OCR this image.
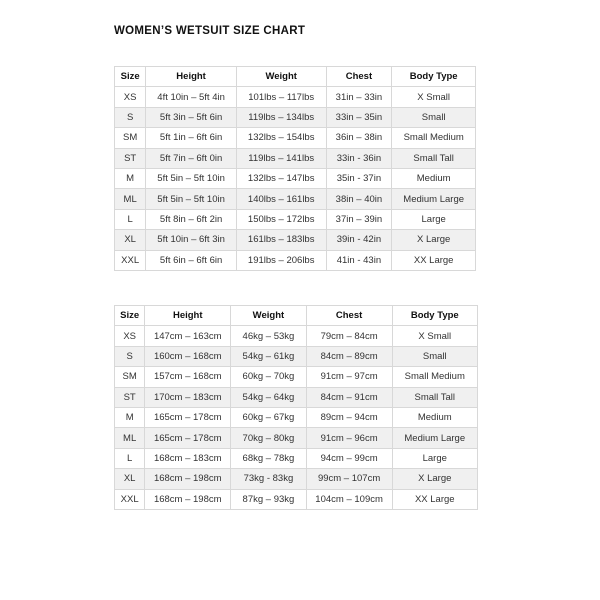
WOMEN’S WETSUIT SIZE CHART
Size	Height	Weight	Chest	Body Type
XS	4ft 10in – 5ft 4in	101lbs – 117lbs	31in – 33in	X Small
S	5ft 3in – 5ft 6in	119lbs – 134lbs	33in – 35in	Small
SM	5ft 1in – 6ft 6in	132lbs – 154lbs	36in – 38in	Small Medium
ST	5ft 7in – 6ft 0in	119lbs – 141lbs	33in - 36in	Small Tall
M	5ft 5in – 5ft 10in	132lbs – 147lbs	35in - 37in	Medium
ML	5ft 5in – 5ft 10in	140lbs – 161lbs	38in – 40in	Medium Large
L	5ft 8in – 6ft 2in	150lbs – 172lbs	37in – 39in	Large
XL	5ft 10in – 6ft 3in	161lbs – 183lbs	39in - 42in	X Large
XXL	5ft 6in – 6ft 6in	191lbs – 206lbs	41in - 43in	XX Large
Size	Height	Weight	Chest	Body Type
XS	147cm – 163cm	46kg – 53kg	79cm – 84cm	X Small
S	160cm – 168cm	54kg – 61kg	84cm – 89cm	Small
SM	157cm – 168cm	60kg – 70kg	91cm – 97cm	Small Medium
ST	170cm – 183cm	54kg – 64kg	84cm – 91cm	Small Tall
M	165cm – 178cm	60kg – 67kg	89cm – 94cm	Medium
ML	165cm – 178cm	70kg – 80kg	91cm – 96cm	Medium Large
L	168cm – 183cm	68kg – 78kg	94cm – 99cm	Large
XL	168cm – 198cm	73kg - 83kg	99cm – 107cm	X Large
XXL	168cm – 198cm	87kg – 93kg	104cm – 109cm	XX Large
